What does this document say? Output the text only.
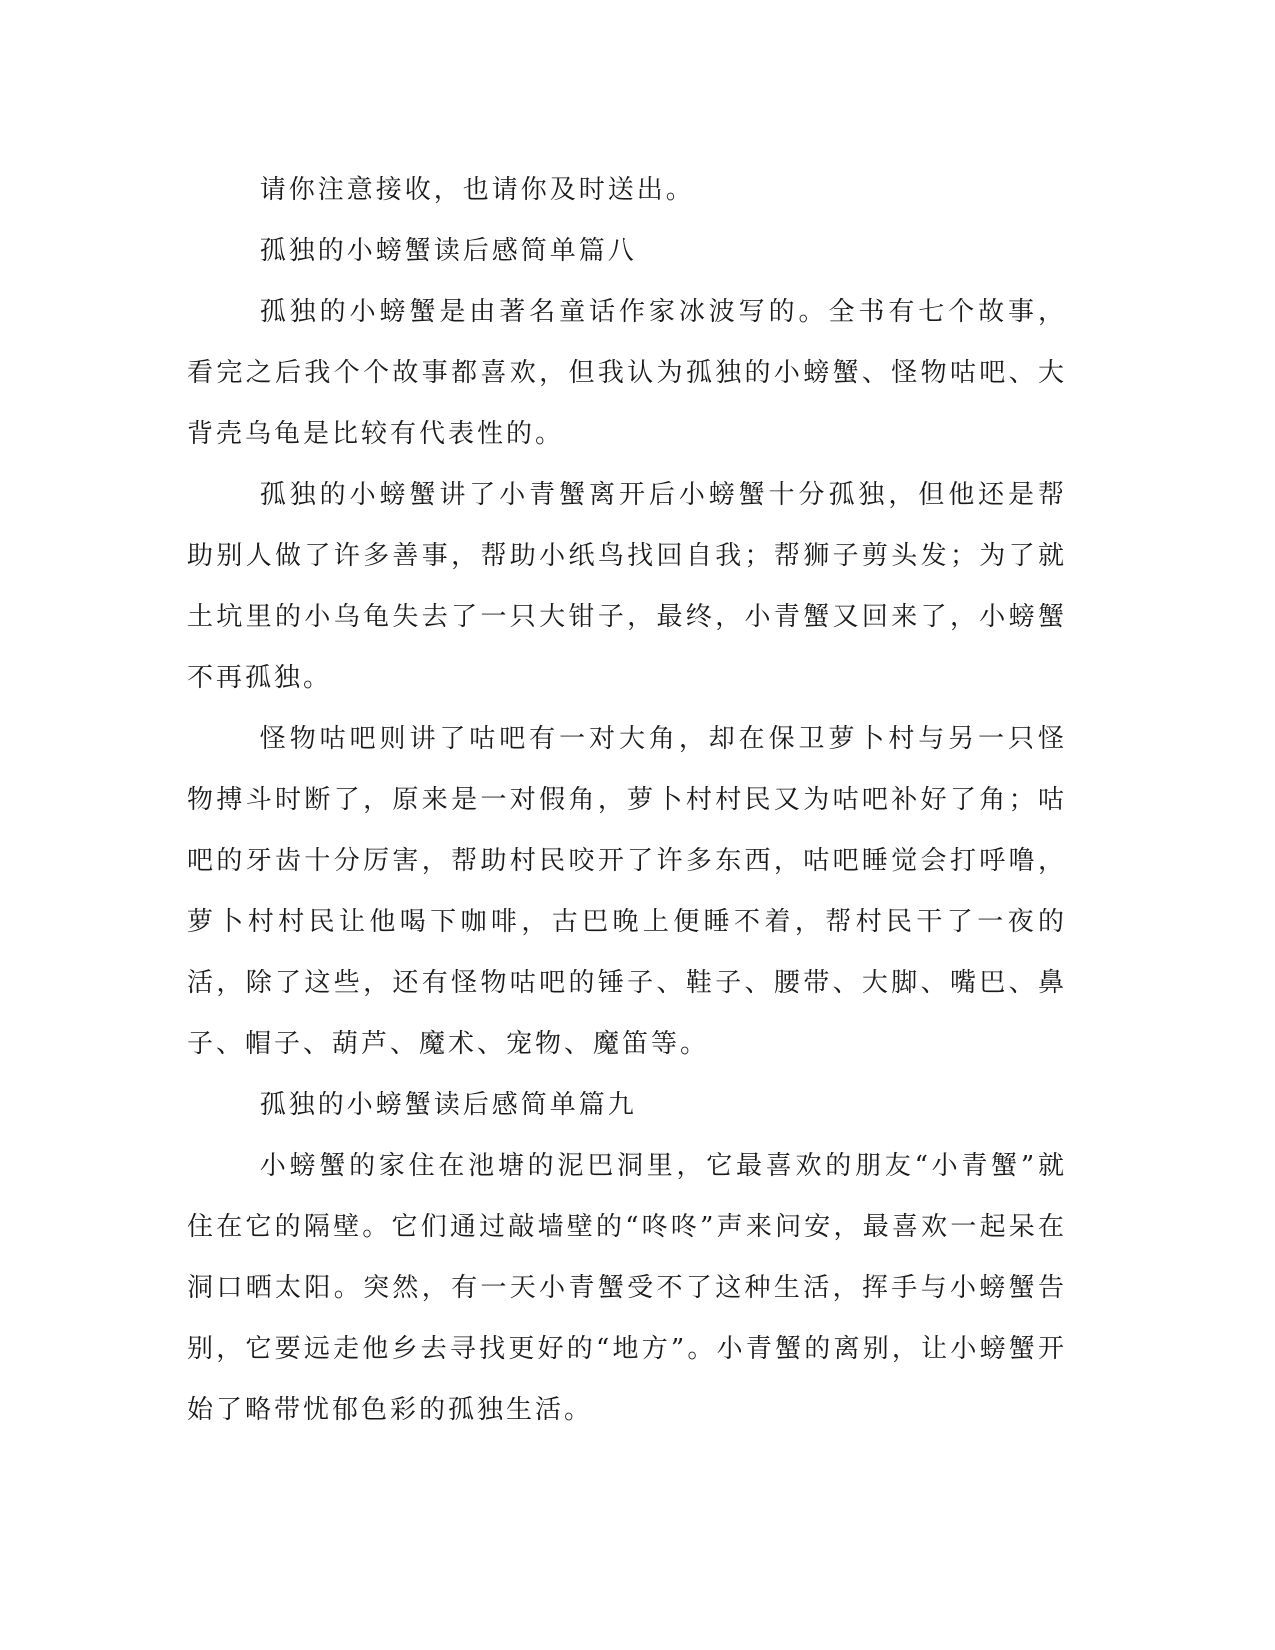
请你注意接收，也请你及时送出。

孤独的小螃蟹读后感简单篇八

孤独的小螃蟹是由著名童话作家冰波写的。全书有七个故事，看完之后我个个故事都喜欢，但我认为孤独的小螃蟹、怪物咕吧、大背壳乌龟是比较有代表性的。

孤独的小螃蟹讲了小青蟹离开后小螃蟹十分孤独，但他还是帮助别人做了许多善事，帮助小纸鸟找回自我；帮狮子剪头发；为了就土坑里的小乌龟失去了一只大钳子，最终，小青蟹又回来了，小螃蟹不再孤独。

怪物咕吧则讲了咕吧有一对大角，却在保卫萝卜村与另一只怪物搏斗时断了，原来是一对假角，萝卜村村民又为咕吧补好了角；咕吧的牙齿十分厉害，帮助村民咬开了许多东西，咕吧睡觉会打呼噜，萝卜村村民让他喝下咖啡，古巴晚上便睡不着，帮村民干了一夜的活，除了这些，还有怪物咕吧的锤子、鞋子、腰带、大脚、嘴巴、鼻子、帽子、葫芦、魔术、宠物、魔笛等。

孤独的小螃蟹读后感简单篇九

小螃蟹的家住在池塘的泥巴洞里，它最喜欢的朋友“小青蟹”就住在它的隔壁。它们通过敲墙壁的“咚咚”声来问安，最喜欢一起呆在洞口晒太阳。突然，有一天小青蟹受不了这种生活，挥手与小螃蟹告别，它要远走他乡去寻找更好的“地方”。小青蟹的离别，让小螃蟹开始了略带忧郁色彩的孤独生活。
